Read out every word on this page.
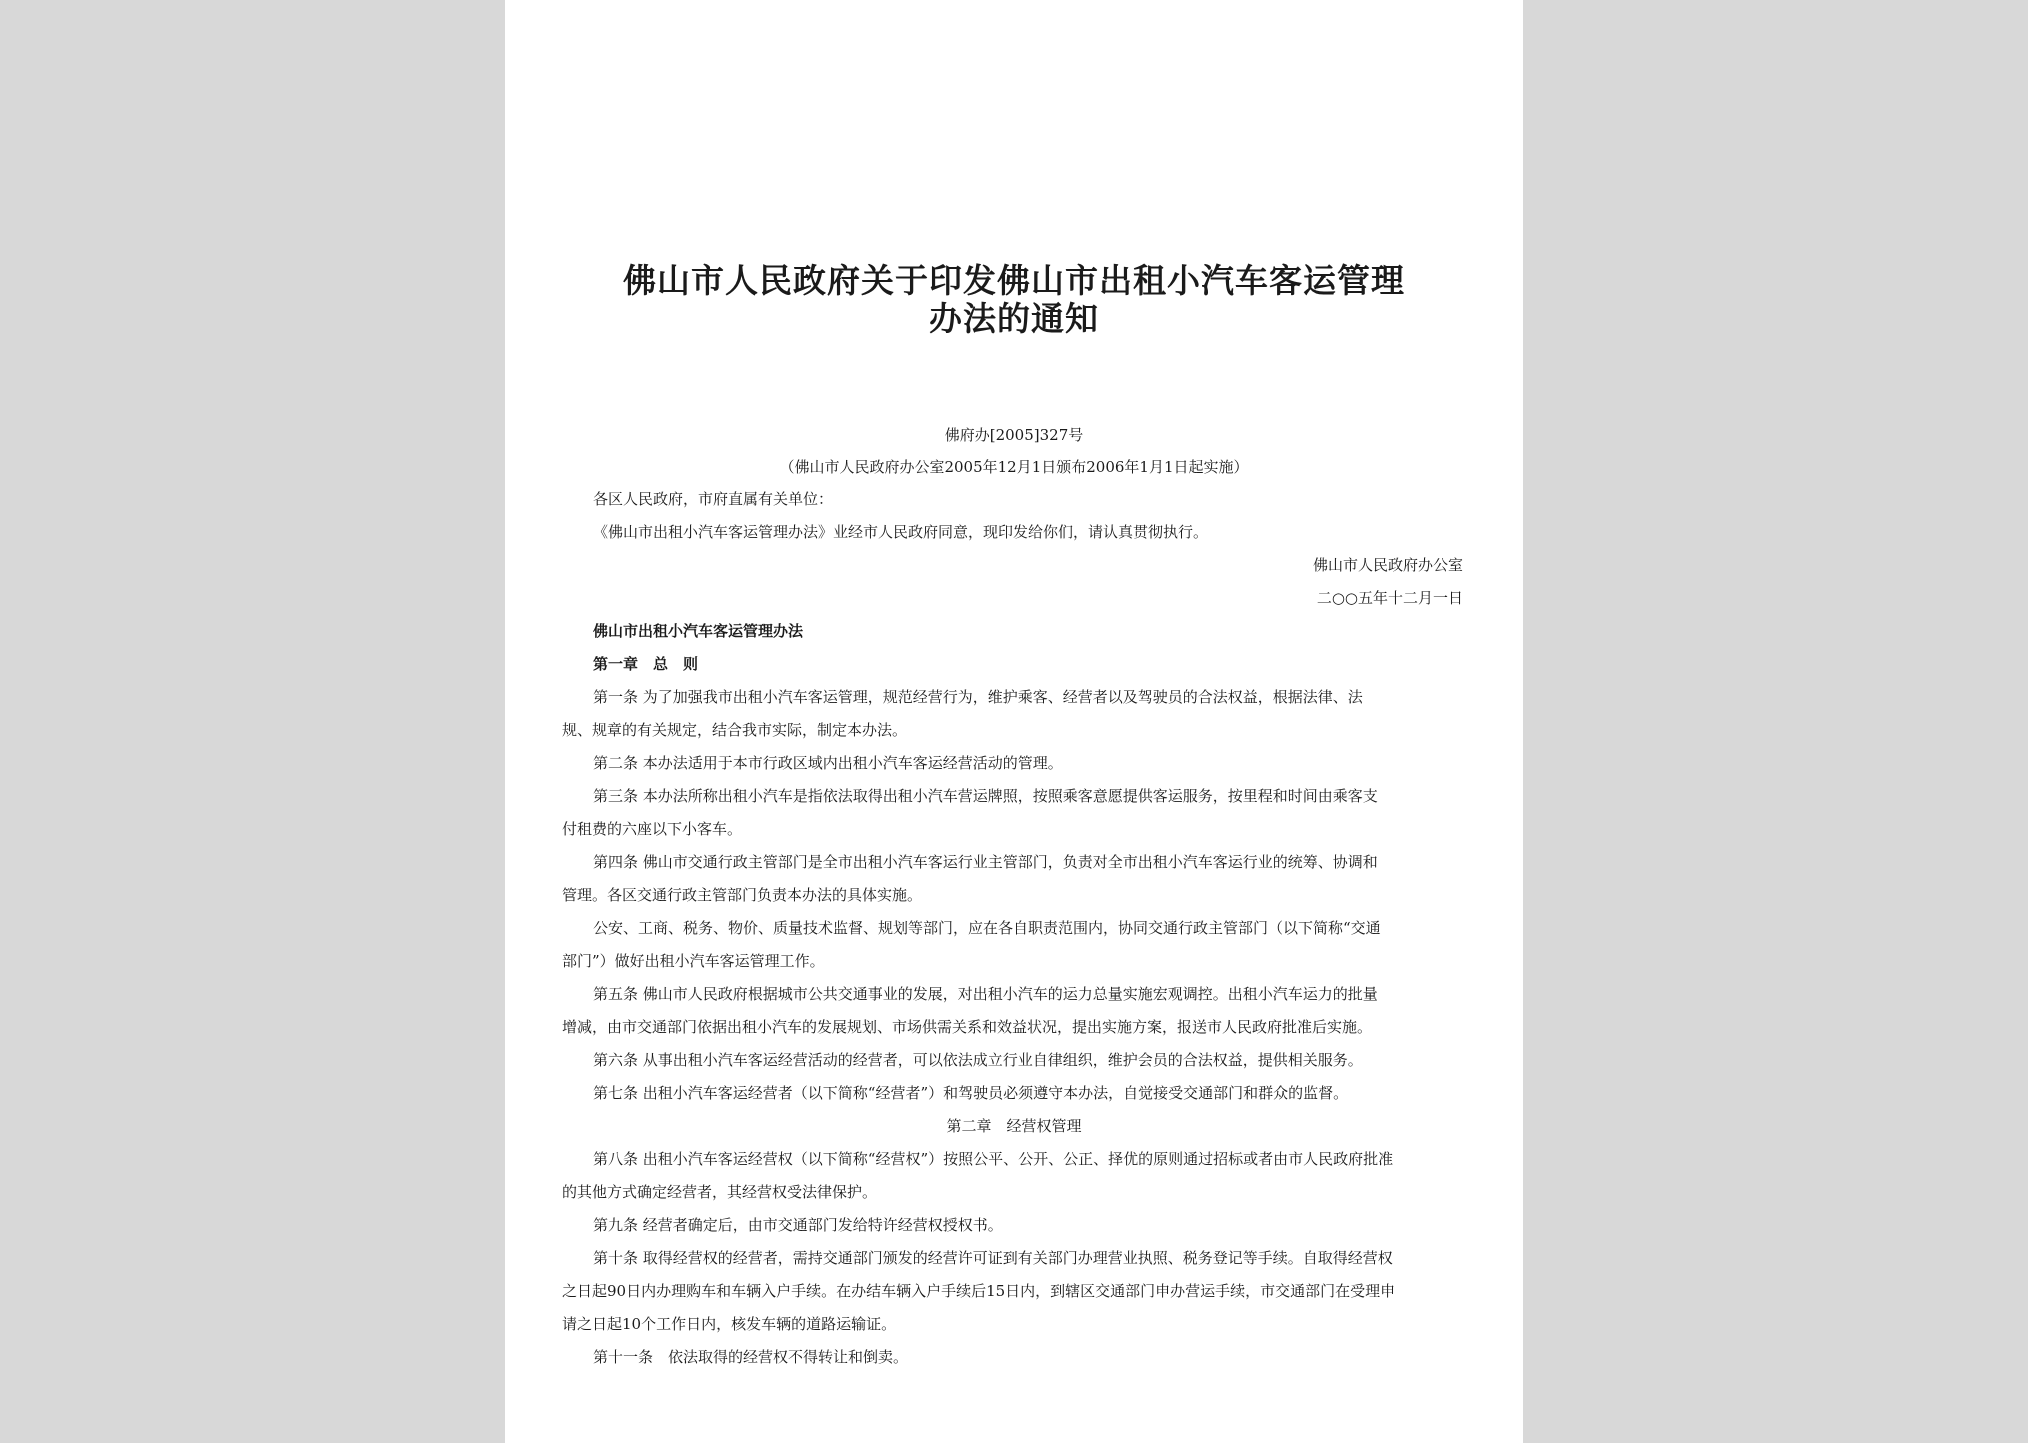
佛山市人民政府关于印发佛山市出租小汽车客运管理
办法的通知
佛府办[2005]327号
（佛山市人民政府办公室2005年12月1日颁布2006年1月1日起实施）
各区人民政府，市府直属有关单位：
《佛山市出租小汽车客运管理办法》业经市人民政府同意，现印发给你们，请认真贯彻执行。
佛山市人民政府办公室
二○○五年十二月一日
佛山市出租小汽车客运管理办法
第一章　总　则
第一条 为了加强我市出租小汽车客运管理，规范经营行为，维护乘客、经营者以及驾驶员的合法权益，根据法律、法
规、规章的有关规定，结合我市实际，制定本办法。
第二条 本办法适用于本市行政区域内出租小汽车客运经营活动的管理。
第三条 本办法所称出租小汽车是指依法取得出租小汽车营运牌照，按照乘客意愿提供客运服务，按里程和时间由乘客支
付租费的六座以下小客车。
第四条 佛山市交通行政主管部门是全市出租小汽车客运行业主管部门，负责对全市出租小汽车客运行业的统筹、协调和
管理。各区交通行政主管部门负责本办法的具体实施。
公安、工商、税务、物价、质量技术监督、规划等部门，应在各自职责范围内，协同交通行政主管部门（以下简称“交通
部门”）做好出租小汽车客运管理工作。
第五条 佛山市人民政府根据城市公共交通事业的发展，对出租小汽车的运力总量实施宏观调控。出租小汽车运力的批量
增减，由市交通部门依据出租小汽车的发展规划、市场供需关系和效益状况，提出实施方案，报送市人民政府批准后实施。
第六条 从事出租小汽车客运经营活动的经营者，可以依法成立行业自律组织，维护会员的合法权益，提供相关服务。
第七条 出租小汽车客运经营者（以下简称“经营者”）和驾驶员必须遵守本办法，自觉接受交通部门和群众的监督。
第二章　经营权管理
第八条 出租小汽车客运经营权（以下简称“经营权”）按照公平、公开、公正、择优的原则通过招标或者由市人民政府批准
的其他方式确定经营者，其经营权受法律保护。
第九条 经营者确定后，由市交通部门发给特许经营权授权书。
第十条 取得经营权的经营者，需持交通部门颁发的经营许可证到有关部门办理营业执照、税务登记等手续。自取得经营权
之日起90日内办理购车和车辆入户手续。在办结车辆入户手续后15日内，到辖区交通部门申办营运手续，市交通部门在受理申
请之日起10个工作日内，核发车辆的道路运输证。
第十一条　依法取得的经营权不得转让和倒卖。
